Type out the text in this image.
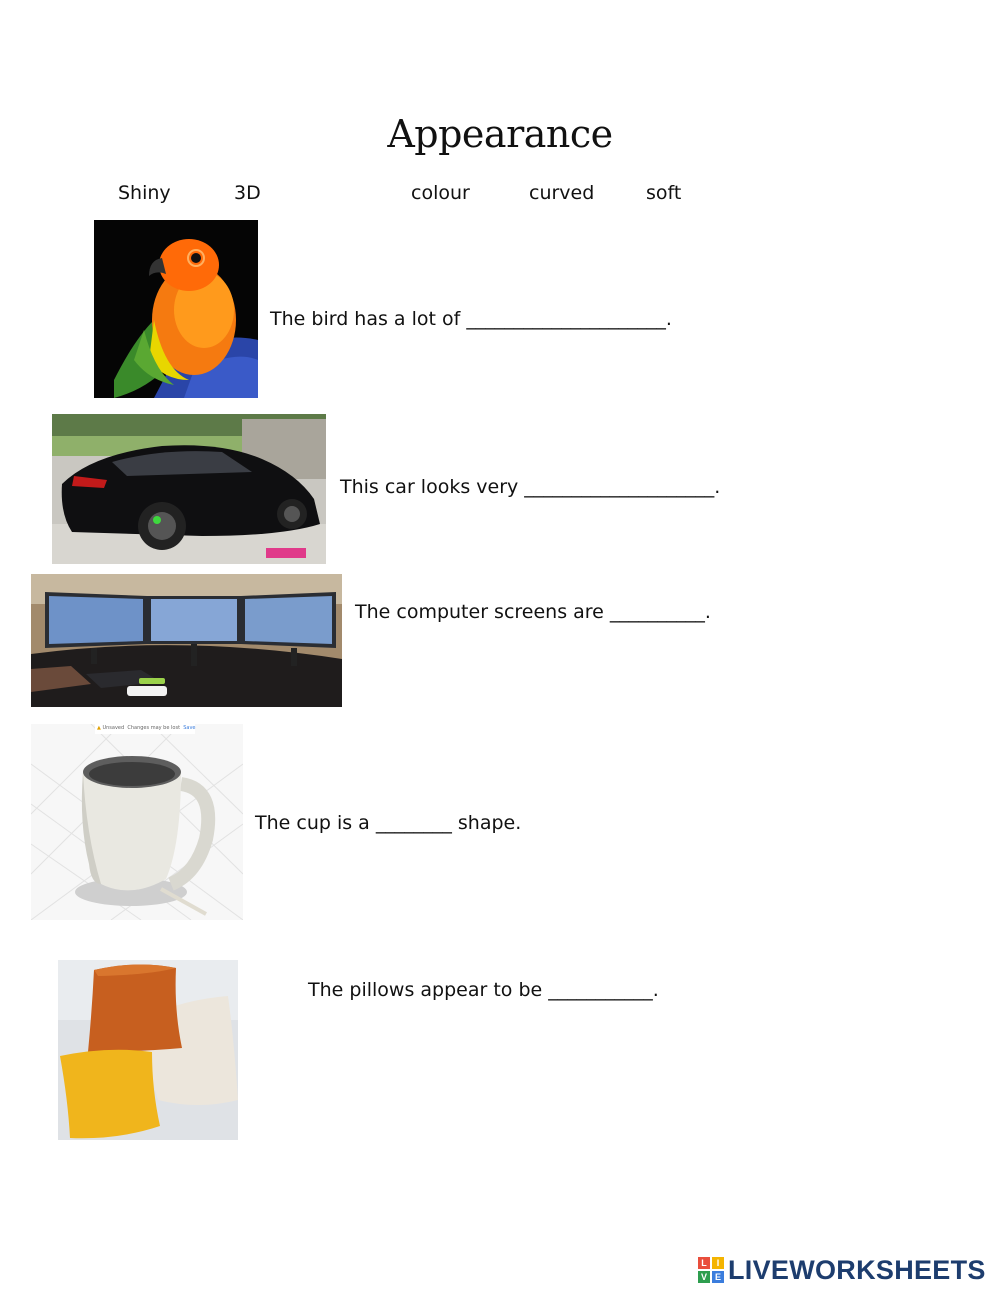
Appearance
Shiny	3D	colour	curved	soft
The bird has a lot of _____________________.
This car looks very ____________________.
The computer screens are __________.
▲ Unsaved Changes may be lost Save
The cup is a ________ shape.
The pillows appear to be ___________.
L	I
V E LIVEWORKSHEETS
